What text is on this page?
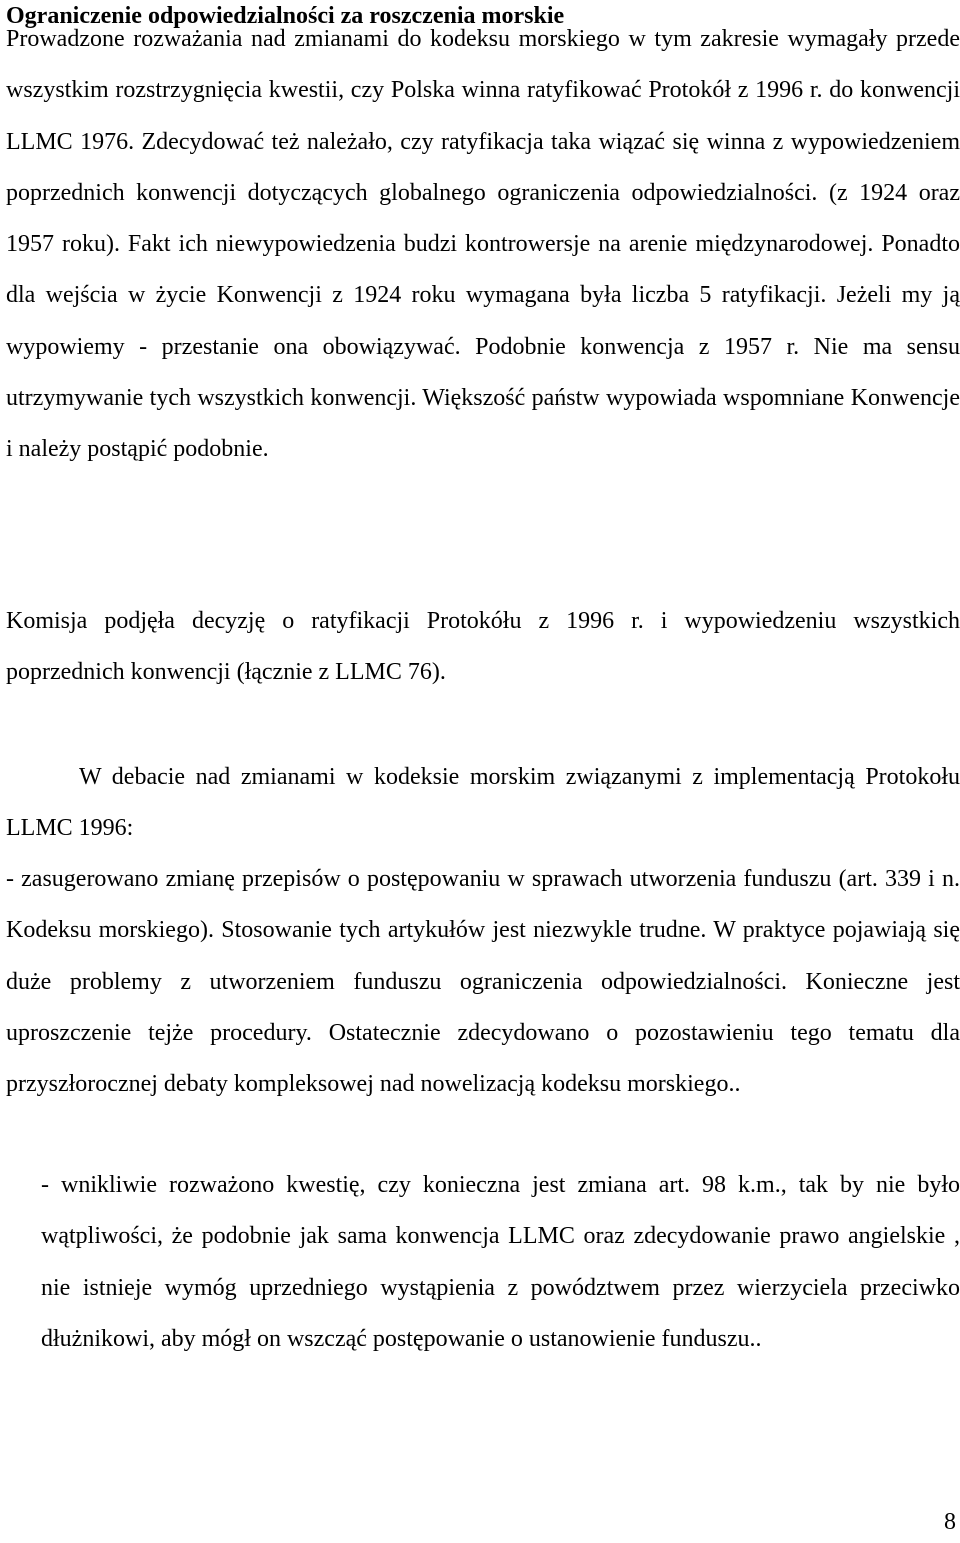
Ograniczenie odpowiedzialności za roszczenia morskie

Prowadzone rozważania nad zmianami do kodeksu morskiego w tym zakresie wymagały przede wszystkim rozstrzygnięcia kwestii, czy Polska winna ratyfikować Protokół z 1996 r. do konwencji LLMC 1976. Zdecydować też należało, czy ratyfikacja taka wiązać się winna z wypowiedzeniem poprzednich konwencji dotyczących globalnego ograniczenia odpowiedzialności. (z 1924 oraz 1957 roku). Fakt ich niewypowiedzenia budzi kontrowersje na arenie międzynarodowej. Ponadto dla wejścia w życie Konwencji z 1924 roku wymagana była liczba 5 ratyfikacji. Jeżeli my ją wypowiemy - przestanie ona obowiązywać. Podobnie konwencja z 1957 r. Nie ma sensu utrzymywanie tych wszystkich konwencji. Większość państw wypowiada wspomniane Konwencje i należy postąpić podobnie.

Komisja podjęła decyzję o ratyfikacji Protokółu z 1996 r. i wypowiedzeniu wszystkich poprzednich konwencji (łącznie z LLMC 76).

W debacie nad zmianami w kodeksie morskim związanymi z implementacją Protokołu LLMC 1996:

- zasugerowano zmianę przepisów o postępowaniu w sprawach utworzenia funduszu (art. 339 i n. Kodeksu morskiego). Stosowanie tych artykułów jest niezwykle trudne. W praktyce pojawiają się duże problemy z utworzeniem funduszu ograniczenia odpowiedzialności. Konieczne jest uproszczenie tejże procedury. Ostatecznie zdecydowano o pozostawieniu tego tematu dla przyszłorocznej debaty kompleksowej nad nowelizacją kodeksu morskiego..

- wnikliwie rozważono kwestię, czy konieczna jest zmiana art. 98 k.m., tak by nie było wątpliwości, że podobnie jak sama konwencja LLMC oraz zdecydowanie prawo angielskie , nie istnieje wymóg uprzedniego wystąpienia z powództwem przez wierzyciela przeciwko dłużnikowi, aby mógł on wszcząć postępowanie o ustanowienie funduszu..

8
